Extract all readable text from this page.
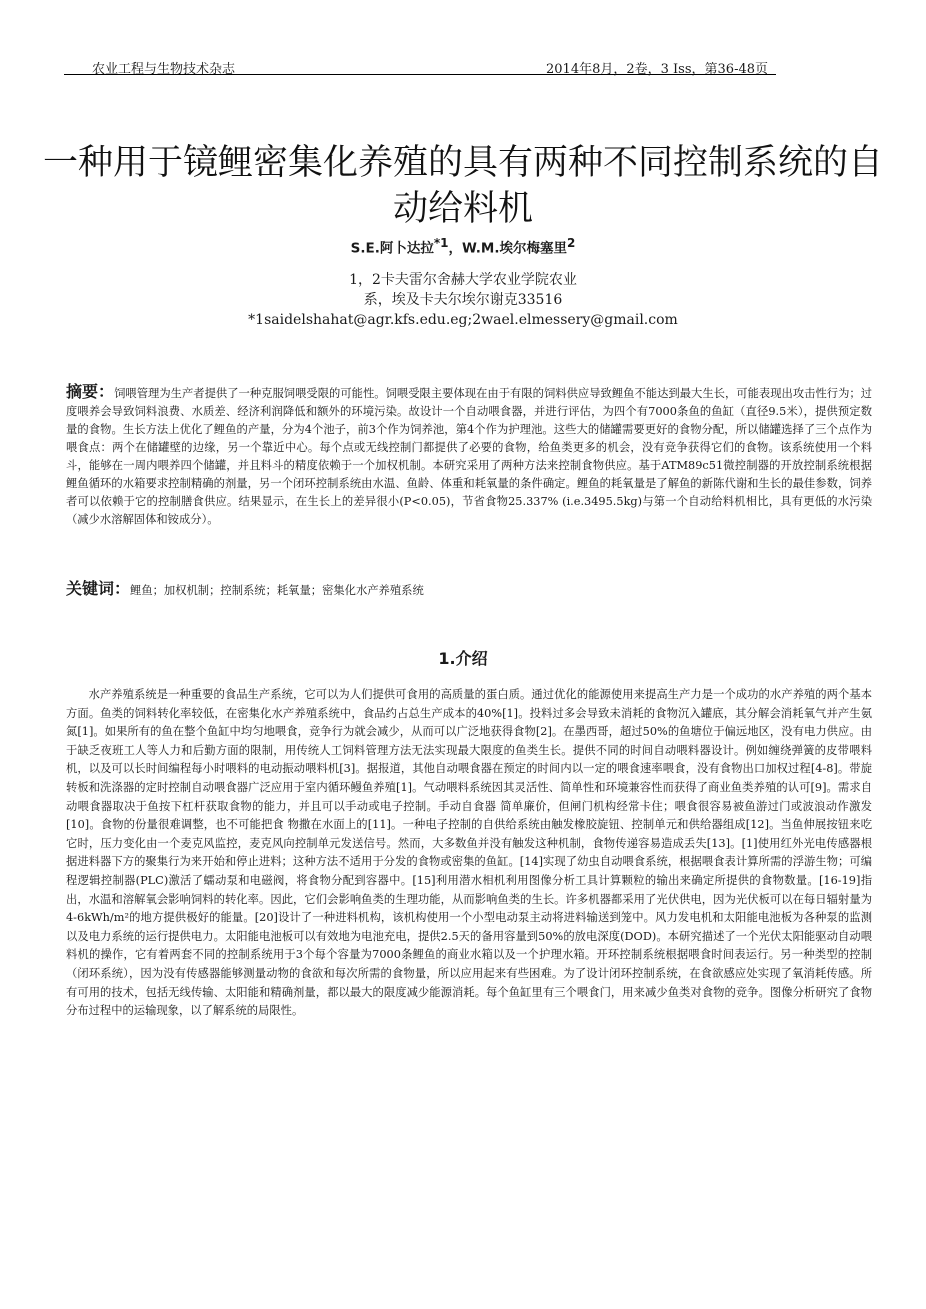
农业工程与生物技术杂志	2014年8月，2卷，3 Iss，第36-48页
一种用于镜鲤密集化养殖的具有两种不同控制系统的自动给料机
S.E.阿卜达拉$^{*1}$，W.M.埃尔梅塞里$^2$
1，2卡夫雷尔舍赫大学农业学院农业
系，埃及卡夫尔埃尔谢克33516
*1saidelshahat@agr.kfs.edu.eg;2wael.elmessery@gmail.com
摘要：饲喂管理为生产者提供了一种克服饲喂受限的可能性。饲喂受限主要体现在由于有限的饲料供应导致鲤鱼不能达到最大生长，可能表现出攻击性行为；过度喂养会导致饲料浪费、水质差、经济利润降低和额外的环境污染。故设计一个自动喂食器，并进行评估，为四个有7000条鱼的鱼缸（直径9.5米），提供预定数量的食物。生长方法上优化了鲤鱼的产量，分为4个池子，前3个作为饲养池，第4个作为护理池。这些大的储罐需要更好的食物分配，所以储罐选择了三个点作为喂食点：两个在储罐壁的边缘，另一个靠近中心。每个点或无线控制门都提供了必要的食物，给鱼类更多的机会，没有竞争获得它们的食物。该系统使用一个料斗，能够在一周内喂养四个储罐，并且料斗的精度依赖于一个加权机制。本研究采用了两种方法来控制食物供应。基于ATM89c51微控制器的开放控制系统根据鲤鱼循环的水箱要求控制精确的剂量，另一个闭环控制系统由水温、鱼龄、体重和耗氧量的条件确定。鲤鱼的耗氧量是了解鱼的新陈代谢和生长的最佳参数，饲养者可以依赖于它的控制膳食供应。结果显示，在生长上的差异很小(P<0.05)，节省食物25.337% (i.e.3495.5kg)与第一个自动给料机相比，具有更低的水污染（减少水溶解固体和铵成分）。
关键词：鲤鱼；加权机制；控制系统；耗氧量；密集化水产养殖系统
1.介绍

水产养殖系统是一种重要的食品生产系统，它可以为人们提供可食用的高质量的蛋白质。通过优化的能源使用来提高生产力是一个成功的水产养殖的两个基本方面。鱼类的饲料转化率较低，在密集化水产养殖系统中，食品约占总生产成本的40%[1]。投料过多会导致未消耗的食物沉入罐底，其分解会消耗氧气并产生氨氮[1]。如果所有的鱼在整个鱼缸中均匀地喂食，竞争行为就会减少，从而可以广泛地获得食物[2]。在墨西哥，超过50%的鱼塘位于偏远地区，没有电力供应。由于缺乏夜班工人等人力和后勤方面的限制，用传统人工饲料管理方法无法实现最大限度的鱼类生长。提供不同的时间自动喂料器设计。例如缠绕弹簧的皮带喂料机，以及可以长时间编程每小时喂料的电动振动喂料机[3]。据报道，其他自动喂食器在预定的时间内以一定的喂食速率喂食，没有食物出口加权过程[4-8]。带旋转板和洗涤器的定时控制自动喂食器广泛应用于室内循环鳗鱼养殖[1]。气动喂料系统因其灵活性、简单性和环境兼容性而获得了商业鱼类养殖的认可[9]。需求自动喂食器取决于鱼按下杠杆获取食物的能力，并且可以手动或电子控制。手动自食器 简单廉价，但闸门机构经常卡住；喂食很容易被鱼游过门或波浪动作激发[10]。食物的份量很难调整，也不可能把食 物撒在水面上的[11]。一种电子控制的自供给系统由触发橡胶旋钮、控制单元和供给器组成[12]。当鱼伸展按钮来吃它时，压力变化由一个麦克风监控，麦克风向控制单元发送信号。然而，大多数鱼并没有触发这种机制，食物传递容易造成丢失[13]。[1]使用红外光电传感器根据进料器下方的聚集行为来开始和停止进料；这种方法不适用于分发的食物或密集的鱼缸。[14]实现了幼虫自动喂食系统，根据喂食表计算所需的浮游生物；可编程逻辑控制器(PLC)激活了蠕动泵和电磁阀，将食物分配到容器中。[15]利用潜水相机利用图像分析工具计算颗粒的输出来确定所提供的食物数量。[16-19]指出，水温和溶解氧会影响饲料的转化率。因此，它们会影响鱼类的生理功能，从而影响鱼类的生长。许多机器都采用了光伏供电，因为光伏板可以在每日辐射量为4-6kWh/m²的地方提供极好的能量。[20]设计了一种进料机构，该机构使用一个小型电动泵主动将进料输送到笼中。风力发电机和太阳能电池板为各种泵的监测以及电力系统的运行提供电力。太阳能电池板可以有效地为电池充电，提供2.5天的备用容量到50%的放电深度(DOD)。本研究描述了一个光伏太阳能驱动自动喂料机的操作，它有着两套不同的控制系统用于3个每个容量为7000条鲤鱼的商业水箱以及一个护理水箱。开环控制系统根据喂食时间表运行。另一种类型的控制（闭环系统），因为没有传感器能够测量动物的食欲和每次所需的食物量，所以应用起来有些困难。为了设计闭环控制系统，在食欲感应处实现了氧消耗传感。所有可用的技术，包括无线传输、太阳能和精确剂量，都以最大的限度减少能源消耗。每个鱼缸里有三个喂食门，用来减少鱼类对食物的竞争。图像分析研究了食物分布过程中的运输现象，以了解系统的局限性。
